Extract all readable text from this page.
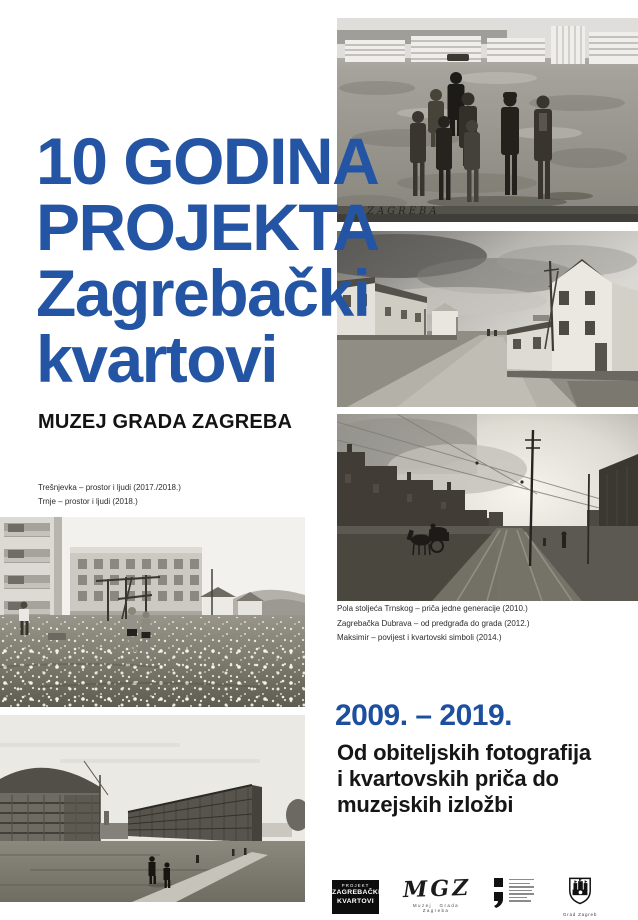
ZAGREBA
10 GODINA
PROJEKTA
Zagrebački
kvartovi
MUZEJ GRADA ZAGREBA
Trešnjevka – prostor i ljudi (2017./2018.)
Trnje – prostor i ljudi (2018.)
Pola stoljeća Trnskog – priča jedne generacije (2010.)
Zagrebačka Dubrava – od predgrađa do grada (2012.)
Maksimir – povijest i kvartovski simboli (2014.)
2009. – 2019.
Od obiteljskih fotografija
i kvartovskih priča do
muzejskih izložbi
PROJEKT
ZAGREBAČKI
KVARTOVI MGZ
Muzej Grada Zagreba
Grad Zagreb
